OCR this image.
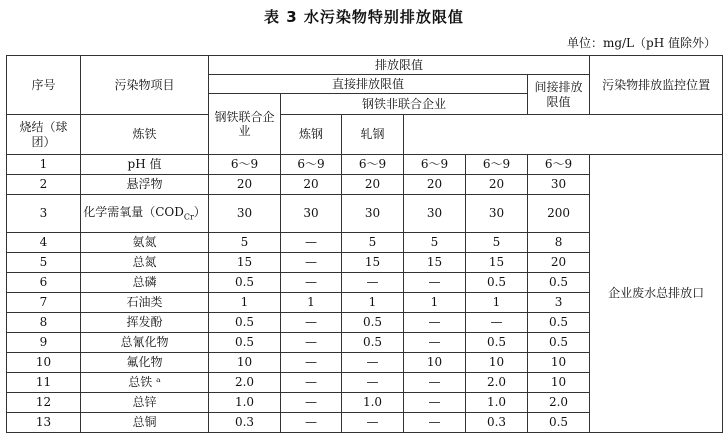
表 3 水污染物特别排放限值
单位：mg/L（pH 值除外）
序号	污染物项目	排放限值						污染物排放监控位置
		直接排放限值					间接排放限值	
		钢铁联合企业	钢铁非联合企业					
烧结（球团）	炼铁		炼钢	轧钢				
1	pH 值	6～9	6～9	6～9	6～9	6～9	6～9	企业废水总排放口
2	悬浮物	20	20	20	20	20	30	
3	化学需氧量$(COD_{Cr})$	30	30	30	30	30	200	
4	氨氮	5	—	5	5	5	8	
5	总氮	15	—	15	15	15	20	
6	总磷	0.5	—	—	—	0.5	0.5	
7	石油类	1	1	1	1	1	3	
8	挥发酚	0.5	—	0.5	—	—	0.5	
9	总氰化物	0.5	—	0.5	—	0.5	0.5	
10	氟化物	10	—	—	10	10	10	
11	总铁 ᵃ	2.0	—	—	—	2.0	10	
12	总锌	1.0	—	1.0	—	1.0	2.0	
13	总铜	0.3	—	—	—	0.3	0.5	
